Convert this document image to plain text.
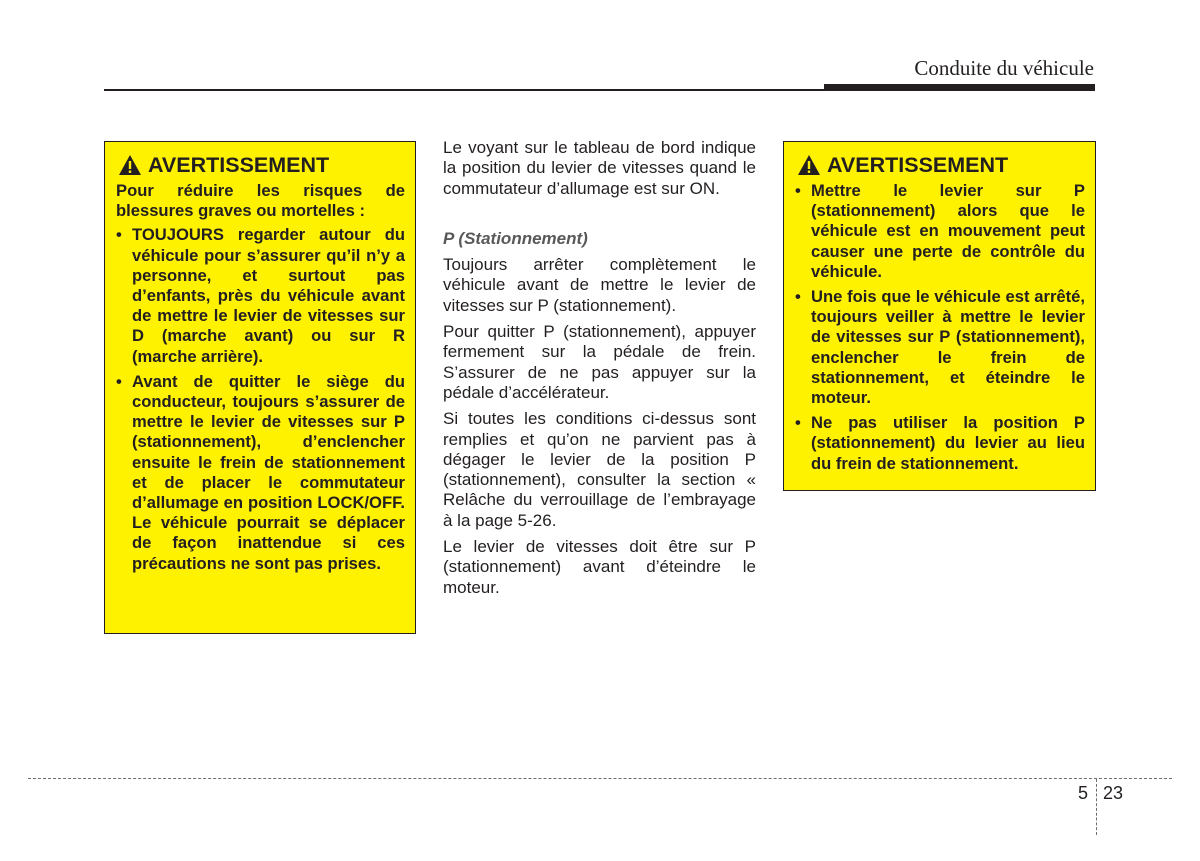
Conduite du véhicule
AVERTISSEMENT

Pour réduire les risques de blessures graves ou mortelles :

• TOUJOURS regarder autour du véhicule pour s’assurer qu’il n’y a personne, et surtout pas d’enfants, près du véhicule avant de mettre le levier de vitesses sur D (marche avant) ou sur R (marche arrière).
• Avant de quitter le siège du conducteur, toujours s’assurer de mettre le levier de vitesses sur P (stationnement), d’enclencher ensuite le frein de stationnement et de placer le commutateur d’allumage en position LOCK/OFF. Le véhicule pourrait se déplacer de façon inattendue si ces précautions ne sont pas prises.

Le voyant sur le tableau de bord indique la position du levier de vitesses quand le commutateur d’allumage est sur ON.

P (Stationnement)

Toujours arrêter complètement le véhicule avant de mettre le levier de vitesses sur P (stationnement).

Pour quitter P (stationnement), appuyer fermement sur la pédale de frein. S’assurer de ne pas appuyer sur la pédale d’accélérateur.

Si toutes les conditions ci-dessus sont remplies et qu’on ne parvient pas à dégager le levier de la position P (stationnement), consulter la section « Relâche du verrouillage de l’embrayage à la page 5-26.

Le levier de vitesses doit être sur P (stationnement) avant d’éteindre le moteur.

AVERTISSEMENT
• Mettre le levier sur P (stationnement) alors que le véhicule est en mouvement peut causer une perte de contrôle du véhicule.
• Une fois que le véhicule est arrêté, toujours veiller à mettre le levier de vitesses sur P (stationnement), enclencher le frein de stationnement, et éteindre le moteur.
• Ne pas utiliser la position P (stationnement) du levier au lieu du frein de stationnement.
5 23
